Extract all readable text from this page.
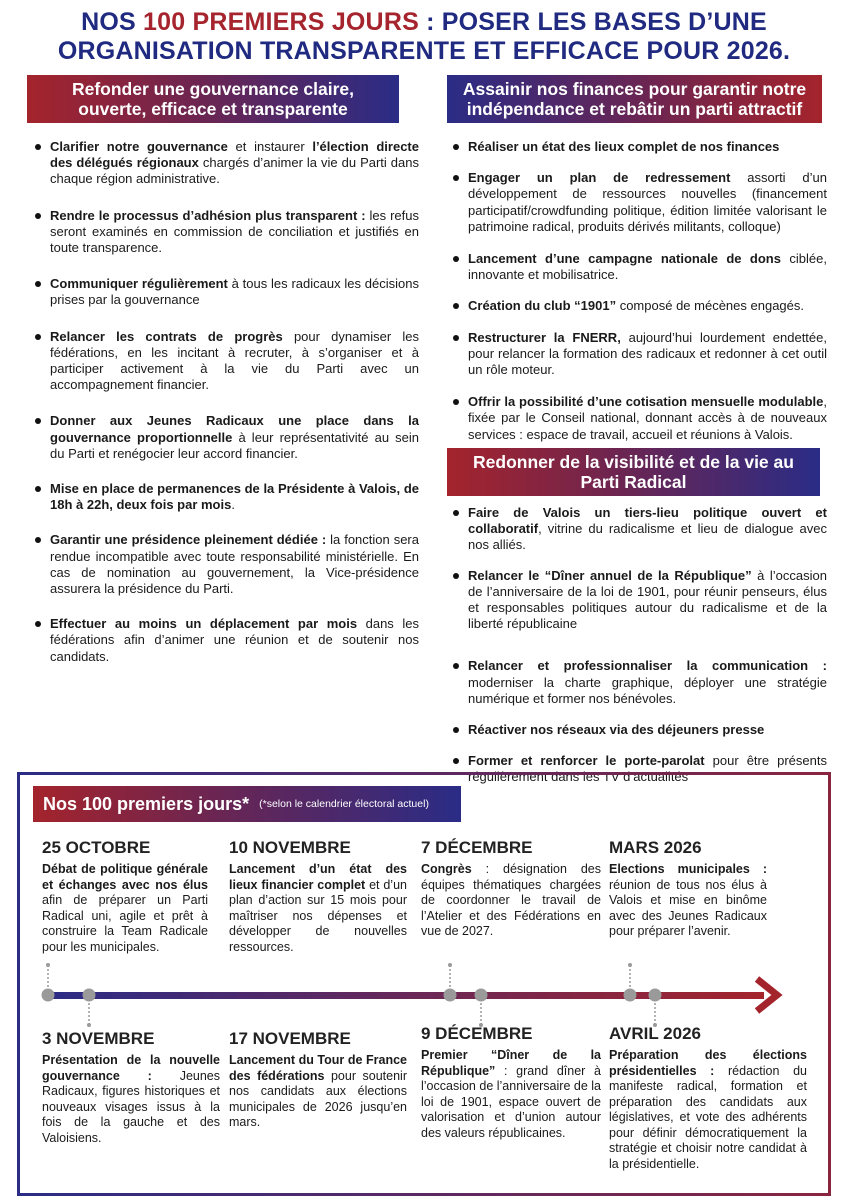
NOS 100 PREMIERS JOURS : POSER LES BASES D’UNE
ORGANISATION TRANSPARENTE ET EFFICACE POUR 2026.
Refonder une gouvernance claire, ouverte, efficace et transparente
Clarifier notre gouvernance et instaurer l’élection directe des délégués régionaux chargés d’animer la vie du Parti dans chaque région administrative.
Rendre le processus d’adhésion plus transparent : les refus seront examinés en commission de conciliation et justifiés en toute transparence.
Communiquer régulièrement à tous les radicaux les décisions prises par la gouvernance
Relancer les contrats de progrès pour dynamiser les fédérations, en les incitant à recruter, à s’organiser et à participer activement à la vie du Parti avec un accompagnement financier.
Donner aux Jeunes Radicaux une place dans la gouvernance proportionnelle à leur représentativité au sein du Parti et renégocier leur accord financier.
Mise en place de permanences de la Présidente à Valois, de 18h à 22h, deux fois par mois.
Garantir une présidence pleinement dédiée : la fonction sera rendue incompatible avec toute responsabilité ministérielle. En cas de nomination au gouvernement, la Vice-présidence assurera la présidence du Parti.
Effectuer au moins un déplacement par mois dans les fédérations afin d’animer une réunion et de soutenir nos candidats.
Assainir nos finances pour garantir notre indépendance et rebâtir un parti attractif
Réaliser un état des lieux complet de nos finances
Engager un plan de redressement assorti d’un développement de ressources nouvelles (financement participatif/crowdfunding politique, édition limitée valorisant le patrimoine radical, produits dérivés militants, colloque)
Lancement d’une campagne nationale de dons ciblée, innovante et mobilisatrice.
Création du club “1901” composé de mécènes engagés.
Restructurer la FNERR, aujourd’hui lourdement endettée, pour relancer la formation des radicaux et redonner à cet outil un rôle moteur.
Offrir la possibilité d’une cotisation mensuelle modulable, fixée par le Conseil national, donnant accès à de nouveaux services : espace de travail, accueil et réunions à Valois.
Redonner de la visibilité et de la vie au Parti Radical
Faire de Valois un tiers-lieu politique ouvert et collaboratif, vitrine du radicalisme et lieu de dialogue avec nos alliés.
Relancer le “Dîner annuel de la République” à l’occasion de l’anniversaire de la loi de 1901, pour réunir penseurs, élus et responsables politiques autour du radicalisme et de la liberté républicaine
Relancer et professionnaliser la communication : moderniser la charte graphique, déployer une stratégie numérique et former nos bénévoles.
Réactiver nos réseaux via des déjeuners presse
Former et renforcer le porte-parolat pour être présents régulièrement dans les TV d’actualités
Nos 100 premiers jours* (*selon le calendrier électoral actuel)
25 OCTOBRE
Débat de politique générale et échanges avec nos élus afin de préparer un Parti Radical uni, agile et prêt à construire la Team Radicale pour les municipales.
10 NOVEMBRE
Lancement d’un état des lieux financier complet et d’un plan d’action sur 15 mois pour maîtriser nos dépenses et développer de nouvelles ressources.
7 DÉCEMBRE
Congrès : désignation des équipes thématiques chargées de coordonner le travail de l’Atelier et des Fédérations en vue de 2027.
MARS 2026
Elections municipales : réunion de tous nos élus à Valois et mise en binôme avec des Jeunes Radicaux pour préparer l’avenir.
3 NOVEMBRE
Présentation de la nouvelle gouvernance : Jeunes Radicaux, figures historiques et nouveaux visages issus à la fois de la gauche et des Valoisiens.
17 NOVEMBRE
Lancement du Tour de France des fédérations pour soutenir nos candidats aux élections municipales de 2026 jusqu’en mars.
9 DÉCEMBRE
Premier “Dîner de la République” : grand dîner à l’occasion de l’anniversaire de la loi de 1901, espace ouvert de valorisation et d’union autour des valeurs républicaines.
AVRIL 2026
Préparation des élections présidentielles : rédaction du manifeste radical, formation et préparation des candidats aux législatives, et vote des adhérents pour définir démocratiquement la stratégie et choisir notre candidat à la présidentielle.
